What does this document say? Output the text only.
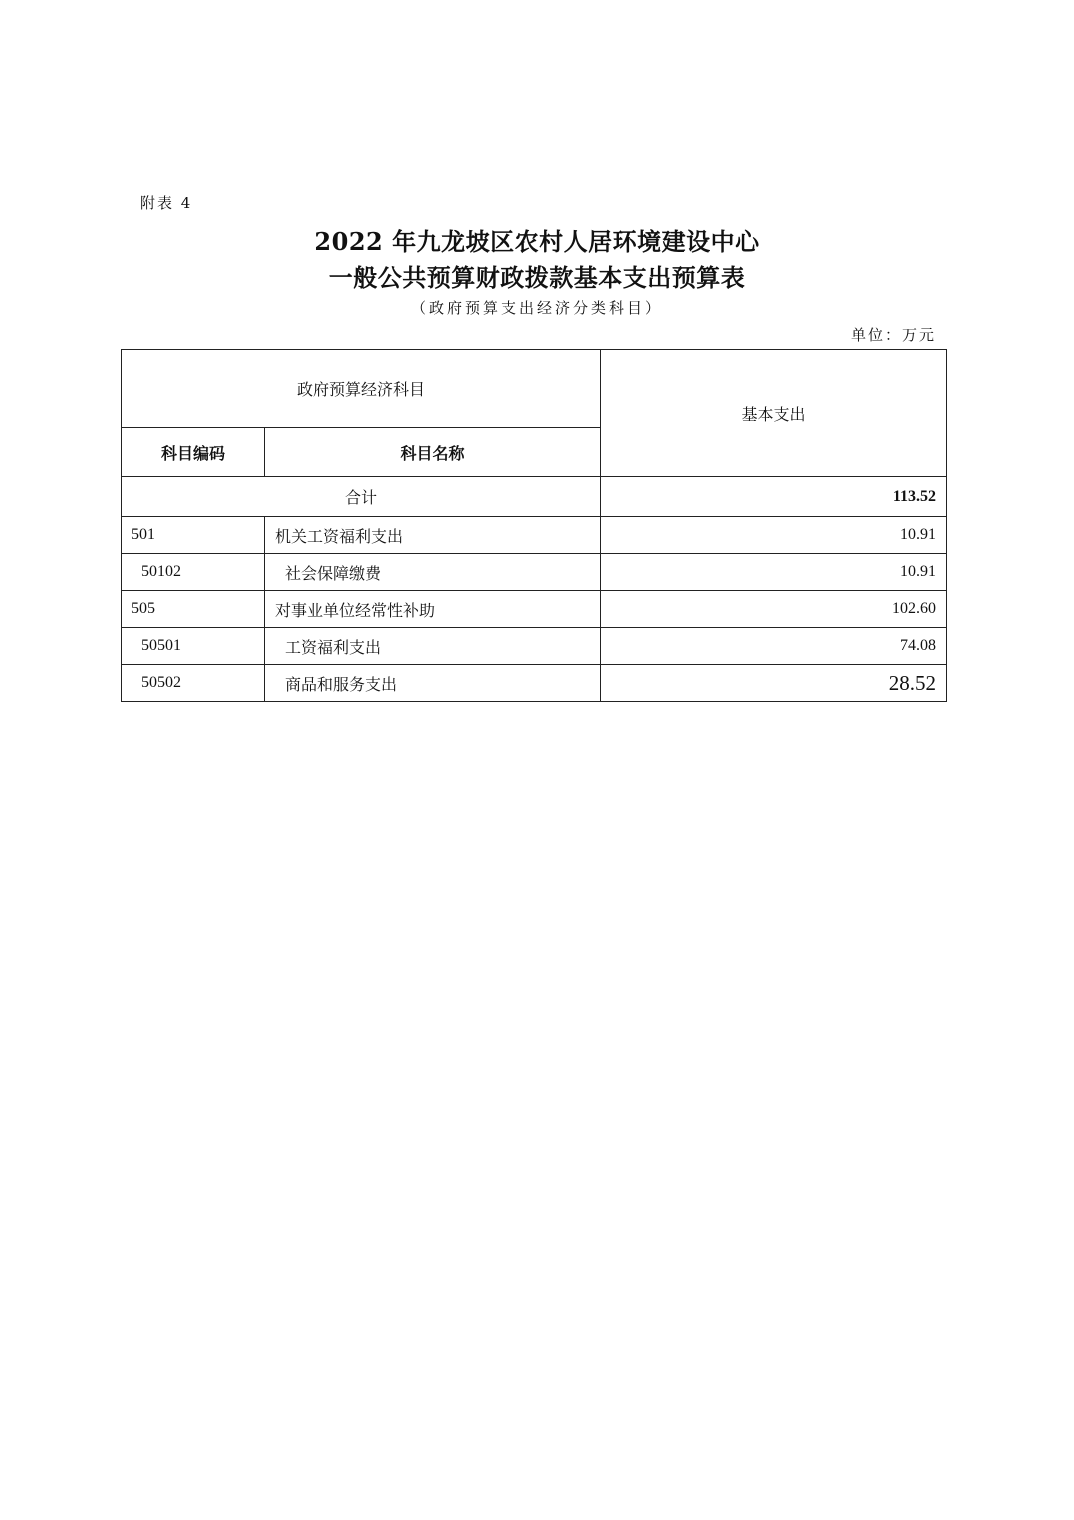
附表 4
2022 年九龙坡区农村人居环境建设中心
一般公共预算财政拨款基本支出预算表
（政府预算支出经济分类科目）
单位：万元
政府预算经济科目		基本支出
科目编码	科目名称	
合计		113.52
501	机关工资福利支出	10.91
50102	社会保障缴费	10.91
505	对事业单位经常性补助	102.60
50501	工资福利支出	74.08
50502	商品和服务支出	28.52
